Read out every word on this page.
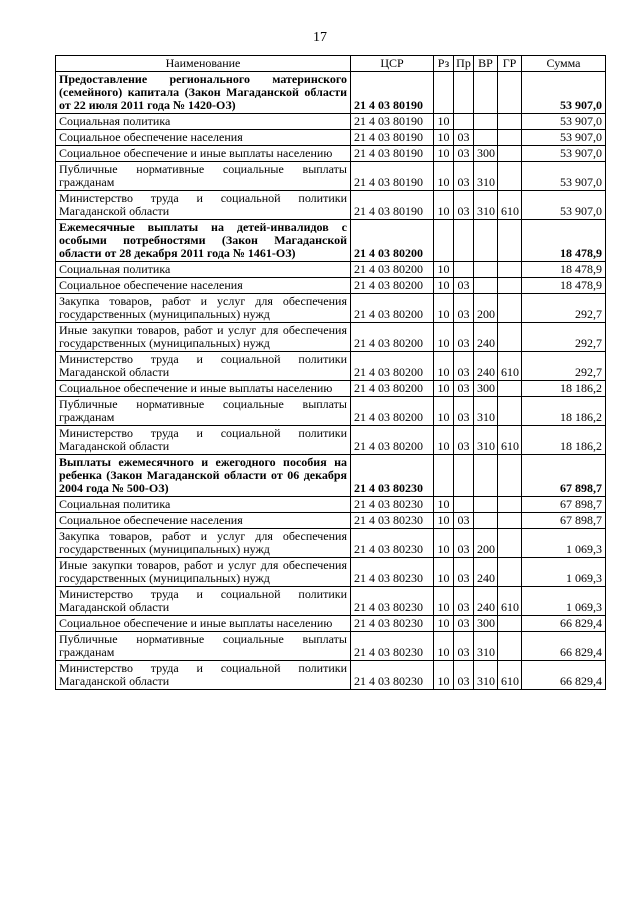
17
Наименование	ЦСР	Рз	Пр	ВР	ГР	Сумма
Предоставление регионального материнского (семейного) капитала (Закон Магаданской области от 22 июля 2011 года № 1420-ОЗ)	21 4 03 80190					53 907,0
Социальная политика	21 4 03 80190	10				53 907,0
Социальное обеспечение населения	21 4 03 80190	10	03			53 907,0
Социальное обеспечение и иные выплаты населению	21 4 03 80190	10	03	300		53 907,0
Публичные нормативные социальные выплаты гражданам	21 4 03 80190	10	03	310		53 907,0
Министерство труда и социальной политики Магаданской области	21 4 03 80190	10	03	310	610	53 907,0
Ежемесячные выплаты на детей-инвалидов с особыми потребностями (Закон Магаданской области от 28 декабря 2011 года № 1461-ОЗ)	21 4 03 80200					18 478,9
Социальная политика	21 4 03 80200	10				18 478,9
Социальное обеспечение населения	21 4 03 80200	10	03			18 478,9
Закупка товаров, работ и услуг для обеспечения государственных (муниципальных) нужд	21 4 03 80200	10	03	200		292,7
Иные закупки товаров, работ и услуг для обеспечения государственных (муниципальных) нужд	21 4 03 80200	10	03	240		292,7
Министерство труда и социальной политики Магаданской области	21 4 03 80200	10	03	240	610	292,7
Социальное обеспечение и иные выплаты населению	21 4 03 80200	10	03	300		18 186,2
Публичные нормативные социальные выплаты гражданам	21 4 03 80200	10	03	310		18 186,2
Министерство труда и социальной политики Магаданской области	21 4 03 80200	10	03	310	610	18 186,2
Выплаты ежемесячного и ежегодного пособия на ребенка (Закон Магаданской области от 06 декабря 2004 года № 500-ОЗ)	21 4 03 80230					67 898,7
Социальная политика	21 4 03 80230	10				67 898,7
Социальное обеспечение населения	21 4 03 80230	10	03			67 898,7
Закупка товаров, работ и услуг для обеспечения государственных (муниципальных) нужд	21 4 03 80230	10	03	200		1 069,3
Иные закупки товаров, работ и услуг для обеспечения государственных (муниципальных) нужд	21 4 03 80230	10	03	240		1 069,3
Министерство труда и социальной политики Магаданской области	21 4 03 80230	10	03	240	610	1 069,3
Социальное обеспечение и иные выплаты населению	21 4 03 80230	10	03	300		66 829,4
Публичные нормативные социальные выплаты гражданам	21 4 03 80230	10	03	310		66 829,4
Министерство труда и социальной политики Магаданской области	21 4 03 80230	10	03	310	610	66 829,4
